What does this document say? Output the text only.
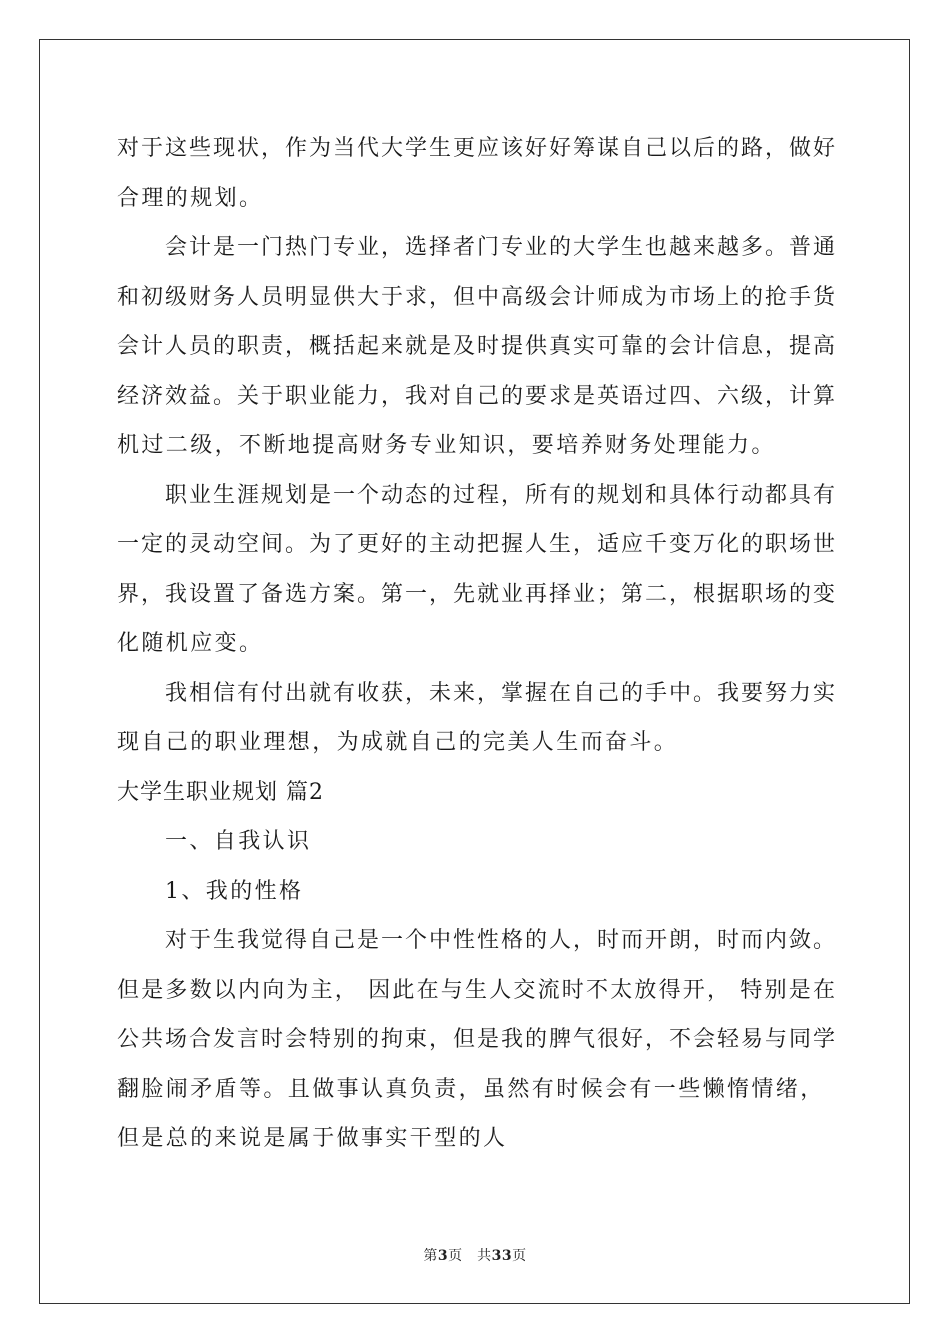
对于这些现状，作为当代大学生更应该好好筹谋自己以后的路，做好
合理的规划。
会计是一门热门专业，选择者门专业的大学生也越来越多。普通
和初级财务人员明显供大于求，但中高级会计师成为市场上的抢手货
会计人员的职责，概括起来就是及时提供真实可靠的会计信息，提高
经济效益。关于职业能力，我对自己的要求是英语过四、六级，计算
机过二级，不断地提高财务专业知识，要培养财务处理能力。
职业生涯规划是一个动态的过程，所有的规划和具体行动都具有
一定的灵动空间。为了更好的主动把握人生，适应千变万化的职场世
界，我设置了备选方案。第一，先就业再择业；第二，根据职场的变
化随机应变。
我相信有付出就有收获，未来，掌握在自己的手中。我要努力实
现自己的职业理想，为成就自己的完美人生而奋斗。
大学生职业规划 篇2
一、自我认识
1、我的性格
对于生我觉得自己是一个中性性格的人，时而开朗，时而内敛。
但是多数以内向为主， 因此在与生人交流时不太放得开， 特别是在
公共场合发言时会特别的拘束，但是我的脾气很好，不会轻易与同学
翻脸闹矛盾等。且做事认真负责，虽然有时候会有一些懒惰情绪，
但是总的来说是属于做事实干型的人
第3页　共33页
